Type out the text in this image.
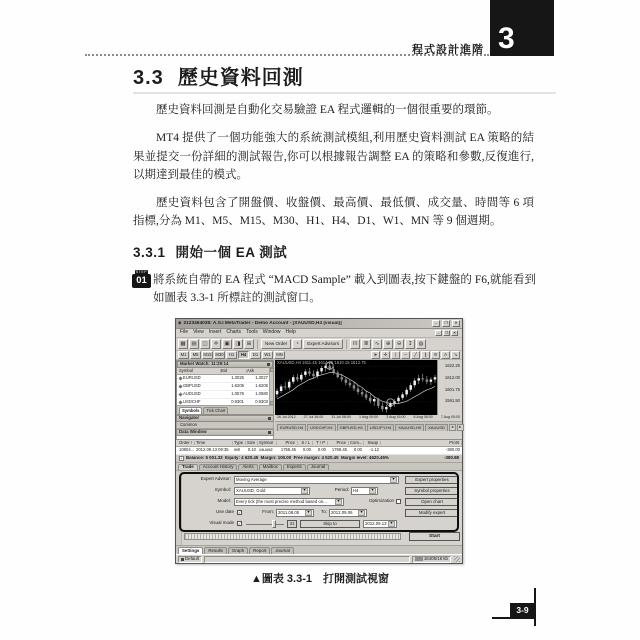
3
程式設計進階
3.3 歷史資料回測

歷史資料回測是自動化交易驗證 EA 程式邏輯的一個很重要的環節。

MT4 提供了一個功能強大的系統測試模組,利用歷史資料測試 EA 策略的結果並提交一份詳細的測試報告,你可以根據報告調整 EA 的策略和參數,反復進行,以期達到最佳的模式。

歷史資料包含了開盤價、收盤價、最高價、最低價、成交量、時間等 6 項指標,分為 M1、M5、M15、M30、H1、H4、D1、W1、MN 等 9 個週期。

3.3.1 開始一個 EA 測試
STEP
01 將系統自帶的 EA 程式 “MACD Sample” 載入到圖表,按下鍵盤的 F6,就能看到如圖表 3.3-1 所標註的測試窗口。

◆ 2123464035: A.S.I MetaTrader - Demo Account - [XAUUSD,H4 (visual)]	–	❐	✕
File View Insert Charts Tools Window Help	–	❐	✕
▦	▤	◫	✛	▣	◨	⊞	New Order	◔	Expert Advisors	𝍖	≣	∿	⊕	⊖	↧	◍
M1	M5	M15 M30	H1	H4	D1	W1	MN	➤	✛	❘	─	╱	∥	≋	A	↘
Market Watch: 11:29:14
Symbol	Bid	Ask
EURUSD	1.3025	1.3027
GBPUSD	1.6205	1.6206
AUDUSD	1.0576	1.0580
USDCHF	0.9301	0.9303
Symbols	Tick Chart
Navigator
Common
Data Window
XAUUSD,H4 1611.45 1614.25 1610.15 1612.75
1622.25
1612.00
1601.75
1591.50
26 Jul 2012 27 Jul 16:00 31 Jul 08:00 1 Aug 00:00 3 Aug 16:00 6 Aug 08:00 7 Aug 00:00
EURUSD,H4	USDCHF,H4	GBPUSD,H4	USDJPY,H4	XAUUSD,H0	XAUUSD	◄	►
Order / Time	Type Size Symbol	Price	S / L	T / P	Price Com...	Swap	Profit
10804... 2012.09.13 09:35	sell	0.10 xauusd	1755.45	0.00	0.00	1769.45	0.00	-1.12	-380.00
+ Balance: 5 001.33  Equity: 4 620.45  Margin: 100.00  Free margin: 4 520.45  Margin level: 4620.45%	-380.88
Trade	Account History	Alerts	Mailbox	Experts	Journal
Expert Advisor: Moving Average	▼	Expert properties
Symbol: XAUUSD, Gold	▼	Period: H4	▼	Symbol properties
Model: Every tick (the most precise method based on...	▼	Optimization	Open chart
Use date ✓	From: 2011.08.05	▼	To: 2012.09.06	▼	Modify expert
Visual mode ✓	31	Skip to	2012.09.13 ▼
Start
Settings	Results	Graph	Report	Journal
Default	16405/16 kb
▲圖表 3.3-1　打開測試視窗
3-9
